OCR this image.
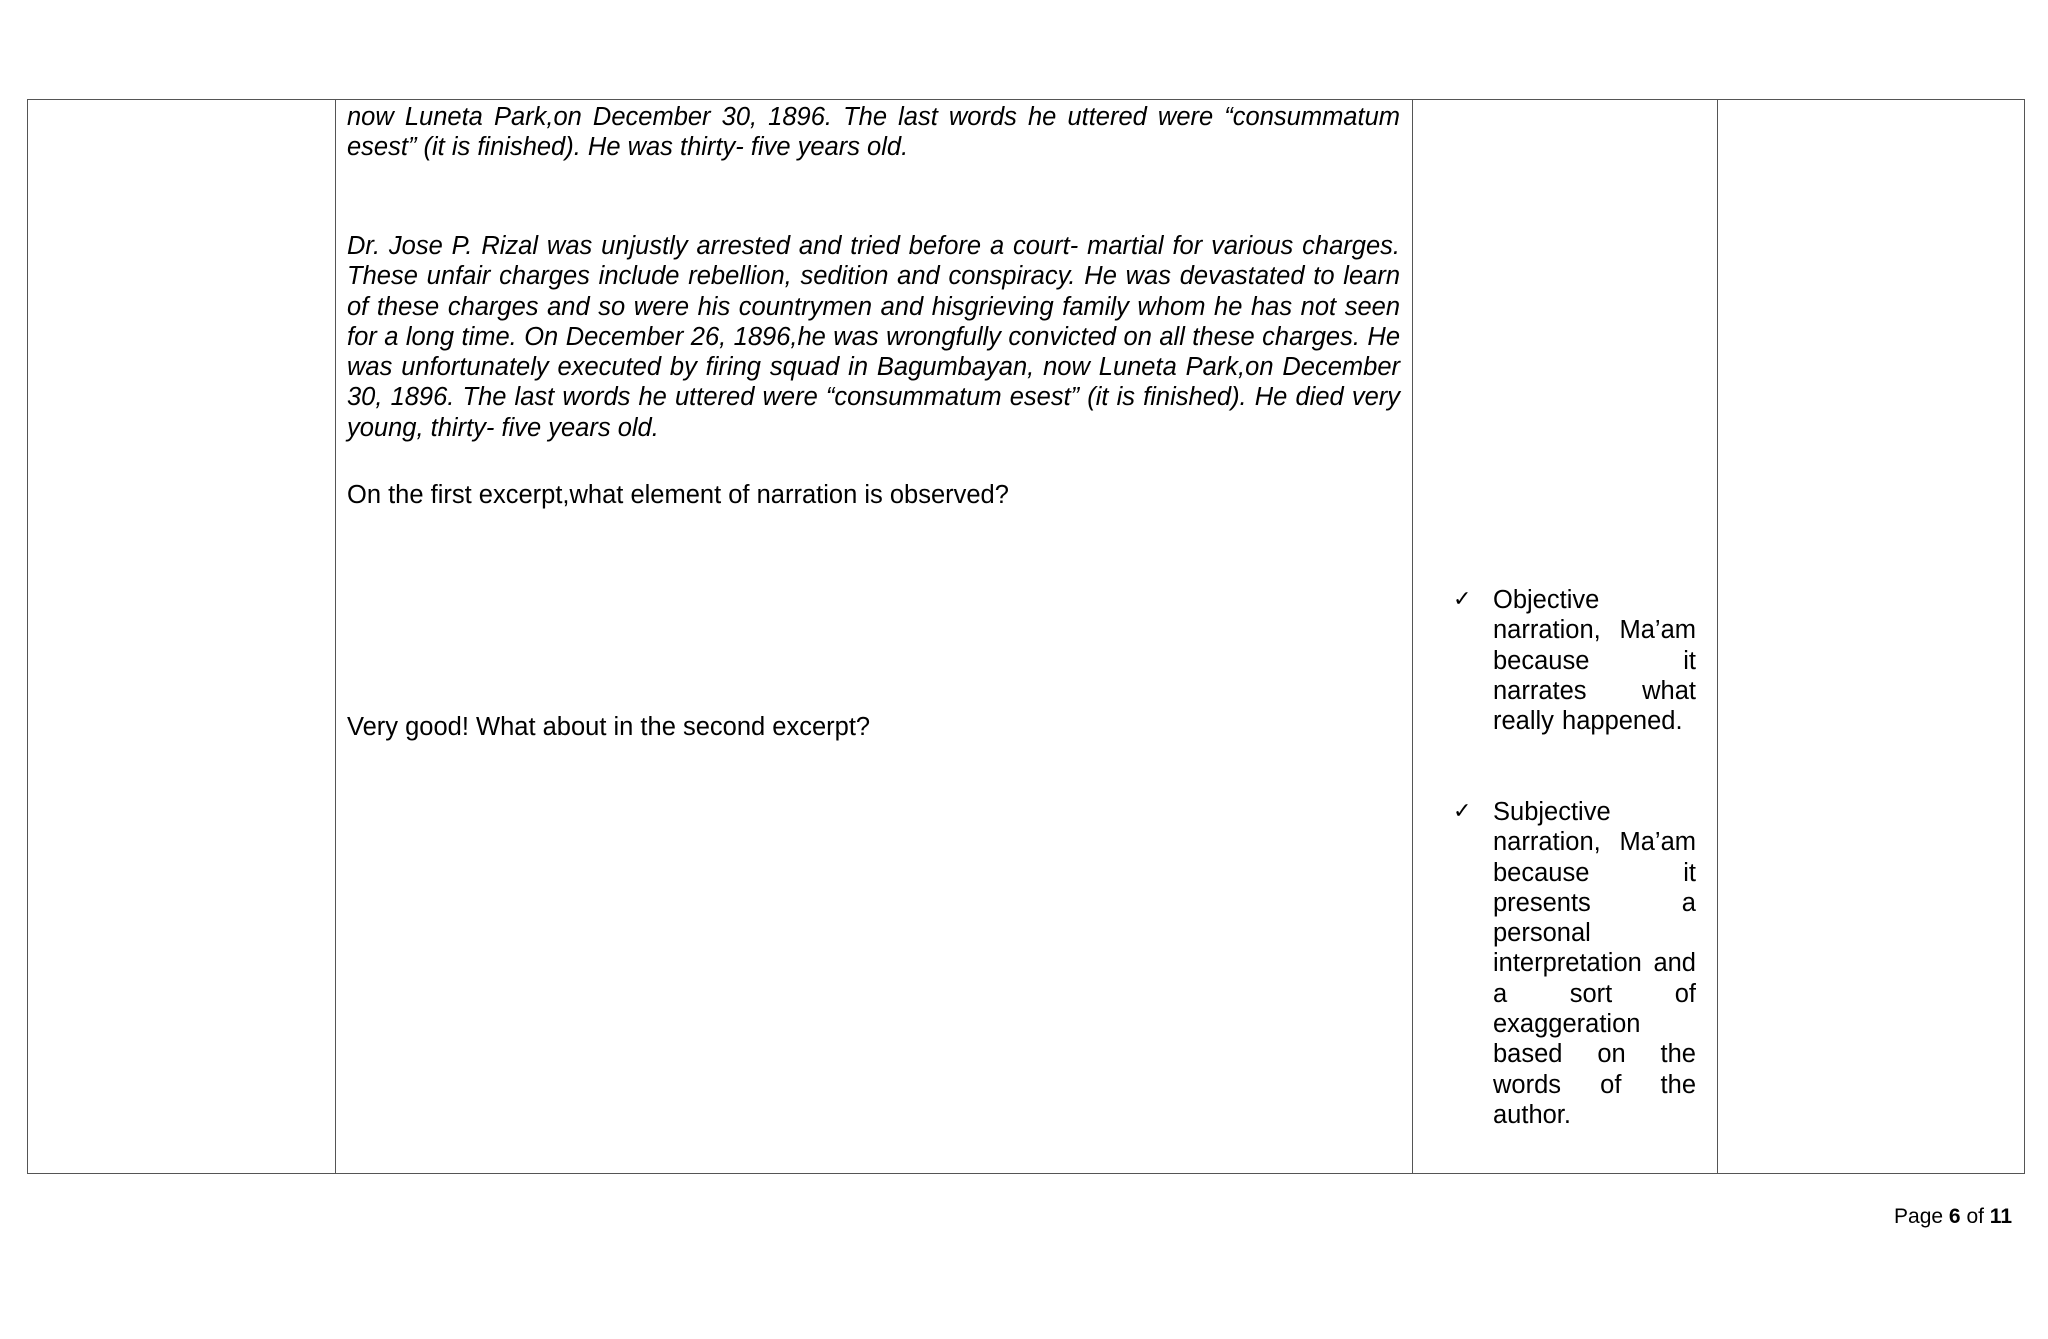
now Luneta Park,on December 30, 1896. The last words he uttered were “consummatum esest” (it is finished). He was thirty- five years old.
Dr. Jose P. Rizal was unjustly arrested and tried before a court- martial for various charges. These unfair charges include rebellion, sedition and conspiracy. He was devastated to learn of these charges and so were his countrymen and hisgrieving family whom he has not seen for a long time. On December 26, 1896,he was wrongfully convicted on all these charges. He was unfortunately executed by firing squad in Bagumbayan, now Luneta Park,on December 30, 1896. The last words he uttered were “consummatum esest” (it is finished). He died very young, thirty- five years old.
On the first excerpt,what element of narration is observed?
Very good! What about in the second excerpt?
✓ Objective narration, Ma’am because it narrates what really happened.
✓ Subjective narration, Ma’am because it presents a personal interpretation and a sort of exaggeration based on the words of the author.
Page 6 of 11
